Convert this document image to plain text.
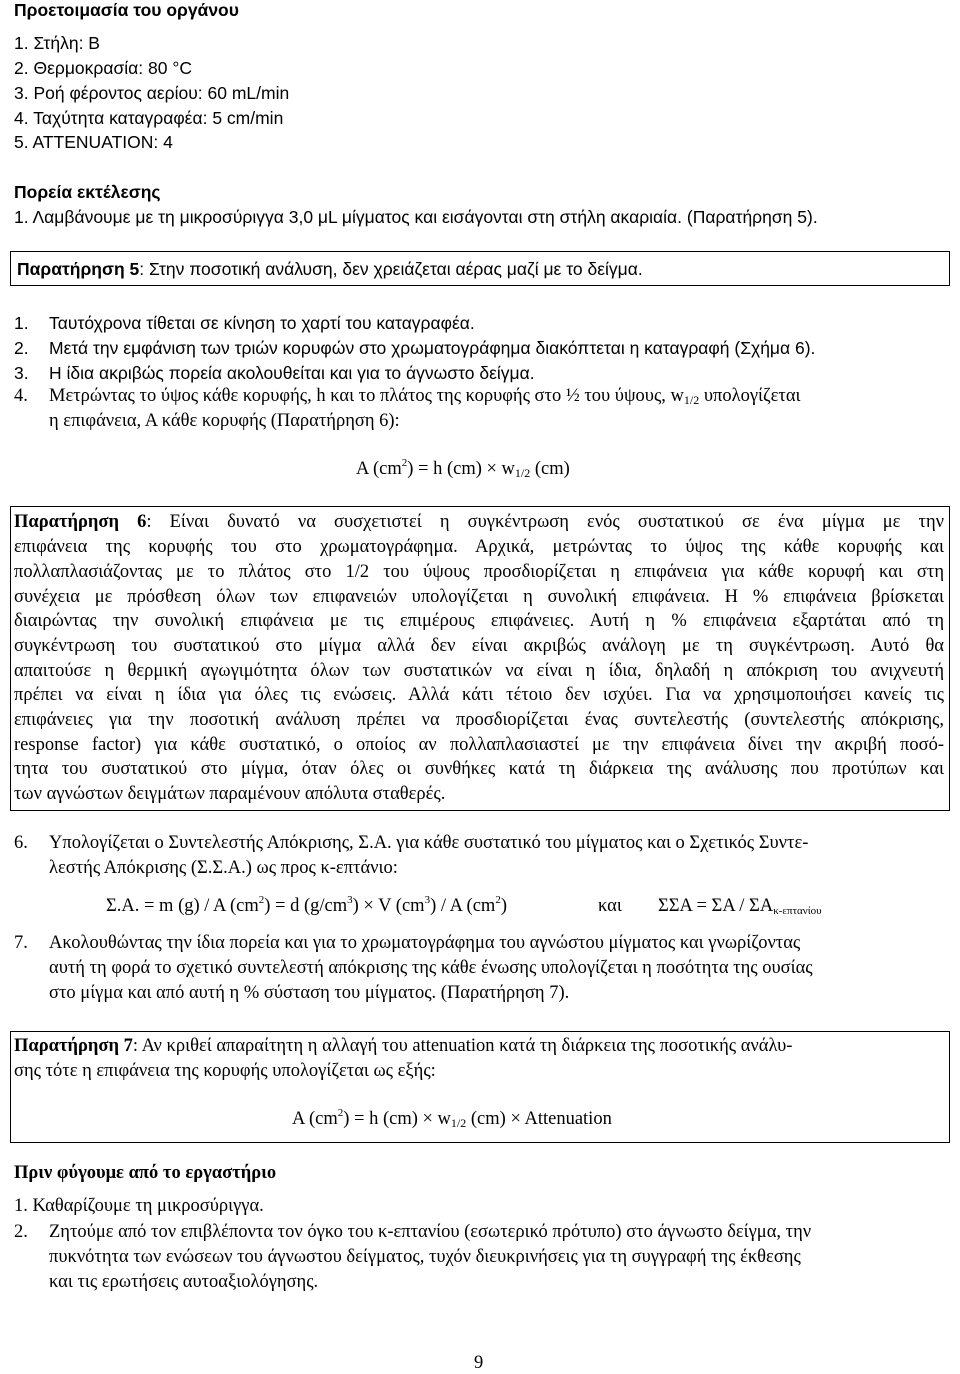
Προετοιμασία του οργάνου
1. Στήλη: Β
2. Θερμοκρασία: 80 °C
3. Ροή φέροντος αερίου: 60 mL/min
4. Ταχύτητα καταγραφέα: 5 cm/min
5. ATTENUATION: 4
Πορεία εκτέλεσης
1. Λαμβάνουμε με τη μικροσύριγγα 3,0 μL μίγματος και εισάγονται στη στήλη ακαριαία. (Παρατήρηση 5).
Παρατήρηση 5: Στην ποσοτική ανάλυση, δεν χρειάζεται αέρας μαζί με το δείγμα.
1. Ταυτόχρονα τίθεται σε κίνηση το χαρτί του καταγραφέα.
2. Μετά την εμφάνιση των τριών κορυφών στο χρωματογράφημα διακόπτεται η καταγραφή (Σχήμα 6).
3. Η ίδια ακριβώς πορεία ακολουθείται και για το άγνωστο δείγμα.
4. Μετρώντας το ύψος κάθε κορυφής, h και το πλάτος της κορυφής στο ½ του ύψους, $w_{1/2}$ υπολογίζεται
η επιφάνεια, Α κάθε κορυφής (Παρατήρηση 6):
A $(cm^2) = h$ $(cm) \times w_{1/2}$ (cm)
Παρατήρηση 6: Είναι δυνατό να συσχετιστεί η συγκέντρωση ενός συστατικού σε ένα μίγμα με την
επιφάνεια της κορυφής του στο χρωματογράφημα. Αρχικά, μετρώντας το ύψος της κάθε κορυφής και
πολλαπλασιάζοντας με το πλάτος στο 1/2 του ύψους προσδιορίζεται η επιφάνεια για κάθε κορυφή και στη
συνέχεια με πρόσθεση όλων των επιφανειών υπολογίζεται η συνολική επιφάνεια. Η % επιφάνεια βρίσκεται
διαιρώντας την συνολική επιφάνεια με τις επιμέρους επιφάνειες. Αυτή η % επιφάνεια εξαρτάται από τη
συγκέντρωση του συστατικού στο μίγμα αλλά δεν είναι ακριβώς ανάλογη με τη συγκέντρωση. Αυτό θα
απαιτούσε η θερμική αγωγιμότητα όλων των συστατικών να είναι η ίδια, δηλαδή η απόκριση του ανιχνευτή
πρέπει να είναι η ίδια για όλες τις ενώσεις. Αλλά κάτι τέτοιο δεν ισχύει. Για να χρησιμοποιήσει κανείς τις
επιφάνειες για την ποσοτική ανάλυση πρέπει να προσδιορίζεται ένας συντελεστής (συντελεστής απόκρισης,
response factor) για κάθε συστατικό, ο οποίος αν πολλαπλασιαστεί με την επιφάνεια δίνει την ακριβή ποσό-
τητα του συστατικού στο μίγμα, όταν όλες οι συνθήκες κατά τη διάρκεια της ανάλυσης που προτύπων και
των αγνώστων δειγμάτων παραμένουν απόλυτα σταθερές.
6. Υπολογίζεται ο Συντελεστής Απόκρισης, Σ.Α. για κάθε συστατικό του μίγματος και ο Σχετικός Συντε-
λεστής Απόκρισης (Σ.Σ.Α.) ως προς κ-επτάνιο:
Σ.Α. = m (g) / A $(cm^2) = d$ $(g/cm^3) \times V$ $(cm^3)$ / A $(cm^2)$	και $\Sigma\Sigma A = \Sigma A / \Sigma A_{\kappa-\varepsilon\pi\tau\alpha\nu ίo\upsilon}$
7. Ακολουθώντας την ίδια πορεία και για το χρωματογράφημα του αγνώστου μίγματος και γνωρίζοντας
αυτή τη φορά το σχετικό συντελεστή απόκρισης της κάθε ένωσης υπολογίζεται η ποσότητα της ουσίας
στο μίγμα και από αυτή η % σύσταση του μίγματος. (Παρατήρηση 7).
Παρατήρηση 7: Αν κριθεί απαραίτητη η αλλαγή του attenuation κατά τη διάρκεια της ποσοτικής ανάλυ-
σης τότε η επιφάνεια της κορυφής υπολογίζεται ως εξής:
A $(cm^2) = h$ $(cm) \times w_{1/2}$ (cm) × Attenuation
Πριν φύγουμε από το εργαστήριο
1. Καθαρίζουμε τη μικροσύριγγα.
2. Ζητούμε από τον επιβλέποντα τον όγκο του κ-επτανίου (εσωτερικό πρότυπο) στο άγνωστο δείγμα, την
πυκνότητα των ενώσεων του άγνωστου δείγματος, τυχόν διευκρινήσεις για τη συγγραφή της έκθεσης
και τις ερωτήσεις αυτοαξιολόγησης.
9
